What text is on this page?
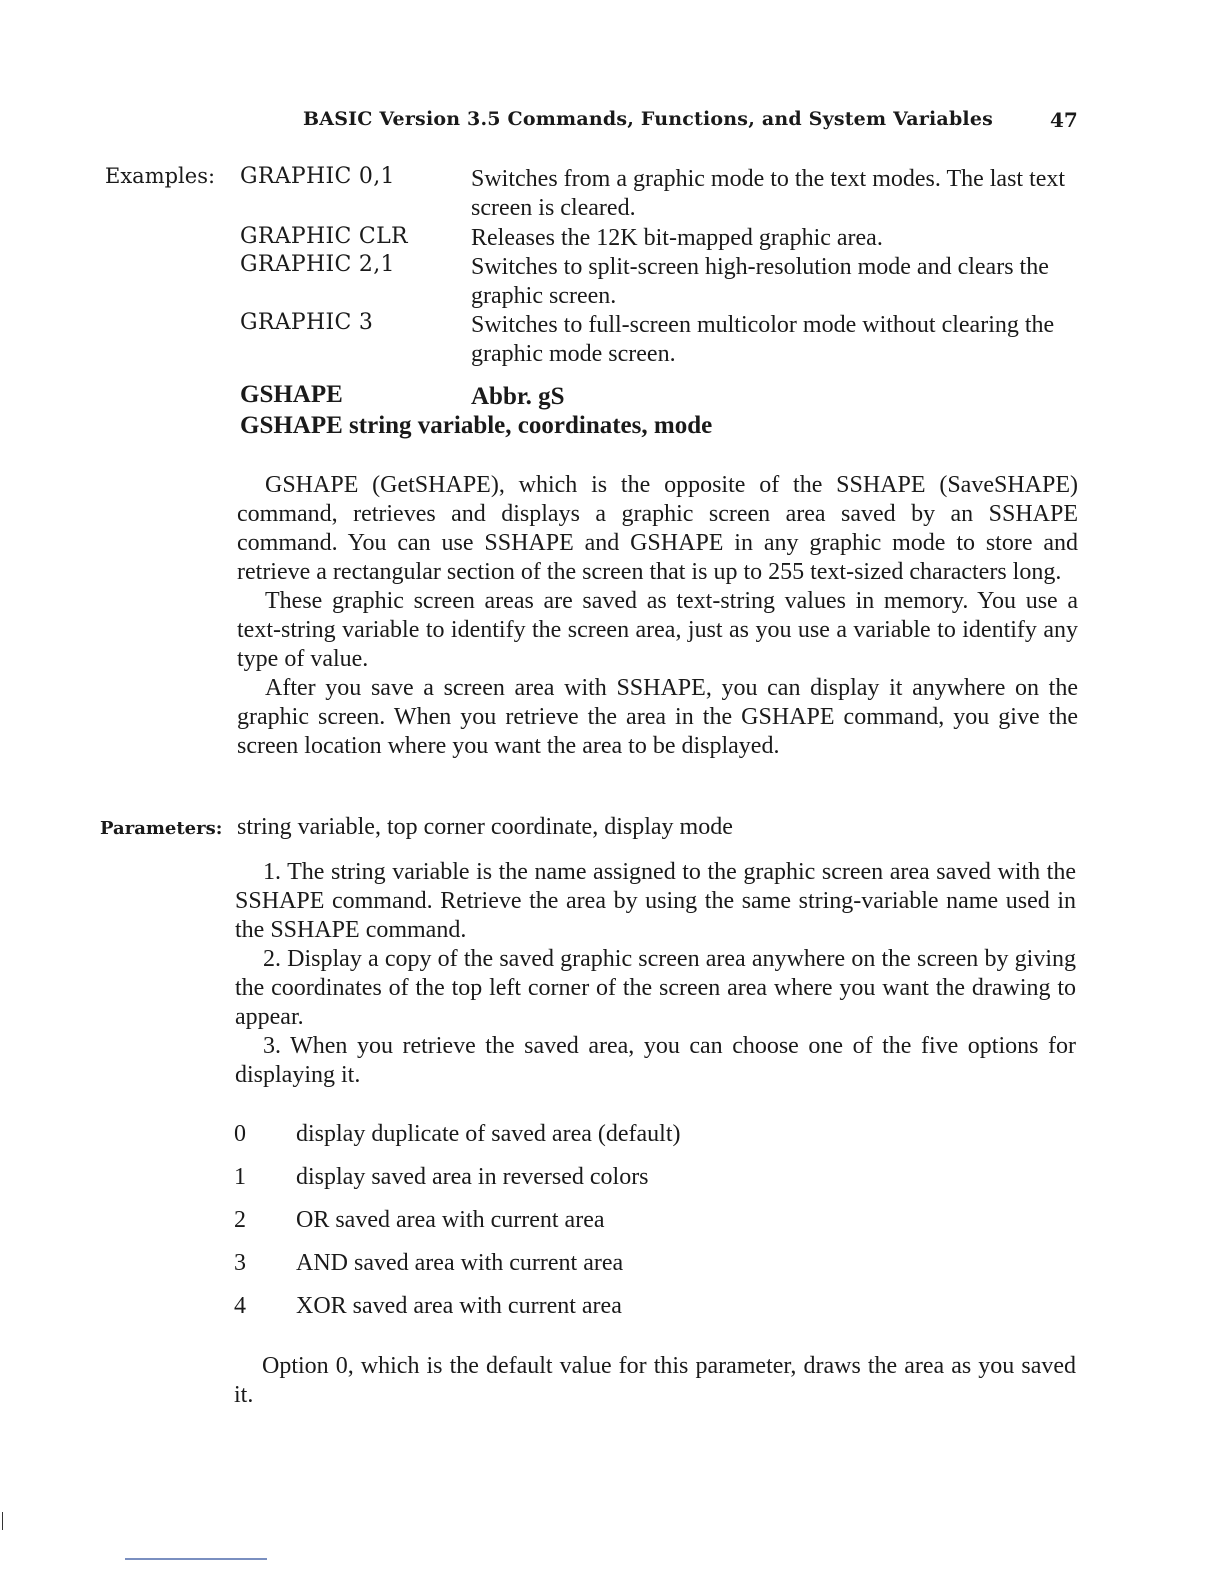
BASIC Version 3.5 Commands, Functions, and System Variables	47
Examples: GRAPHIC 0,1	Switches from a graphic mode to the text modes. The last text screen is cleared.
GRAPHIC CLR	Releases the 12K bit-mapped graphic area.
GRAPHIC 2,1	Switches to split-screen high-resolution mode and clears the graphic screen.
GRAPHIC 3	Switches to full-screen multicolor mode without clearing the graphic mode screen.
GSHAPE	Abbr. gS
GSHAPE string variable, coordinates, mode

GSHAPE (GetSHAPE), which is the opposite of the SSHAPE (SaveSHAPE) command, retrieves and displays a graphic screen area saved by an SSHAPE command. You can use SSHAPE and GSHAPE in any graphic mode to store and retrieve a rectangular section of the screen that is up to 255 text-sized characters long.

These graphic screen areas are saved as text-string values in memory. You use a text-string variable to identify the screen area, just as you use a variable to identify any type of value.

After you save a screen area with SSHAPE, you can display it anywhere on the graphic screen. When you retrieve the area in the GSHAPE command, you give the screen location where you want the area to be displayed.

Parameters: string variable, top corner coordinate, display mode

1. The string variable is the name assigned to the graphic screen area saved with the SSHAPE command. Retrieve the area by using the same string-variable name used in the SSHAPE command.

2. Display a copy of the saved graphic screen area anywhere on the screen by giving the coordinates of the top left corner of the screen area where you want the drawing to appear.

3. When you retrieve the saved area, you can choose one of the five options for displaying it.

0 display duplicate of saved area (default)
1 display saved area in reversed colors
2 OR saved area with current area
3 AND saved area with current area
4 XOR saved area with current area

Option 0, which is the default value for this parameter, draws the area as you saved it.
